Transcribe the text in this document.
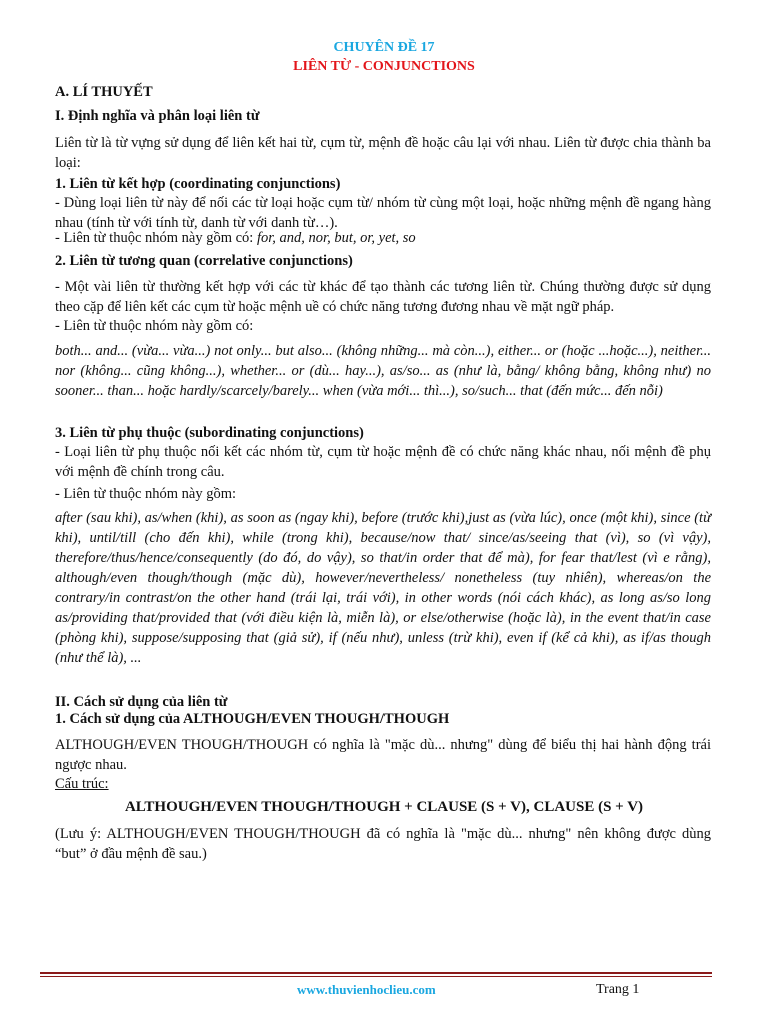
CHUYÊN ĐỀ 17

LIÊN TỪ - CONJUNCTIONS

A. LÍ THUYẾT

I. Định nghĩa và phân loại liên từ

Liên từ là từ vựng sử dụng để liên kết hai từ, cụm từ, mệnh đề hoặc câu lại với nhau. Liên từ được chia thành ba loại:

1. Liên từ kết hợp (coordinating conjunctions)

- Dùng loại liên từ này để nối các từ loại hoặc cụm từ/ nhóm từ cùng một loại, hoặc những mệnh đề ngang hàng nhau (tính từ với tính từ, danh từ với danh từ…).

- Liên từ thuộc nhóm này gồm có: for, and, nor, but, or, yet, so

2. Liên từ tương quan (correlative conjunctions)

- Một vài liên từ thường kết hợp với các từ khác để tạo thành các tương liên từ. Chúng thường được sử dụng theo cặp để liên kết các cụm từ hoặc mệnh uề có chức năng tương đương nhau về mặt ngữ pháp.

- Liên từ thuộc nhóm này gồm có:

both... and... (vừa... vừa...) not only... but also... (không những... mà còn...), either... or (hoặc ...hoặc...), neither... nor (không... cũng không...), whether... or (dù... hay...), as/so... as (như là, bằng/ không bằng, không như) no sooner... than... hoặc hardly/scarcely/barely... when (vừa mới... thì...), so/such... that (đến mức... đến nỗi)

3. Liên từ phụ thuộc (subordinating conjunctions)

- Loại liên từ phụ thuộc nối kết các nhóm từ, cụm từ hoặc mệnh đề có chức năng khác nhau, nối mệnh đề phụ với mệnh đề chính trong câu.

- Liên từ thuộc nhóm này gồm:

after (sau khi), as/when (khi), as soon as (ngay khi), before (trước khi),just as (vừa lúc), once (một khi), since (từ khi), until/till (cho đến khi), while (trong khi), because/now that/ since/as/seeing that (vì), so (vì vậy), therefore/thus/hence/consequently (do đó, do vậy), so that/in order that để mà), for fear that/lest (vì e rằng), although/even though/though (mặc dù), however/nevertheless/ nonetheless (tuy nhiên), whereas/on the contrary/in contrast/on the other hand (trái lại, trái với), in other words (nói cách khác), as long as/so long as/providing that/provided that (với điều kiện là, miễn là), or else/otherwise (hoặc là), in the event that/in case (phòng khi), suppose/supposing that (giả sử), if (nếu như), unless (trừ khi), even if (kể cả khi), as if/as though (như thể là), ...

II. Cách sử dụng của liên từ

1. Cách sử dụng của ALTHOUGH/EVEN THOUGH/THOUGH

ALTHOUGH/EVEN THOUGH/THOUGH có nghĩa là "mặc dù... nhưng" dùng để biểu thị hai hành động trái ngược nhau.

Cấu trúc:

ALTHOUGH/EVEN THOUGH/THOUGH + CLAUSE (S + V), CLAUSE (S + V)

(Lưu ý: ALTHOUGH/EVEN THOUGH/THOUGH đã có nghĩa là "mặc dù... nhưng" nên không được dùng “but” ở đầu mệnh đề sau.)

www.thuvienhoclieu.com	Trang 1
